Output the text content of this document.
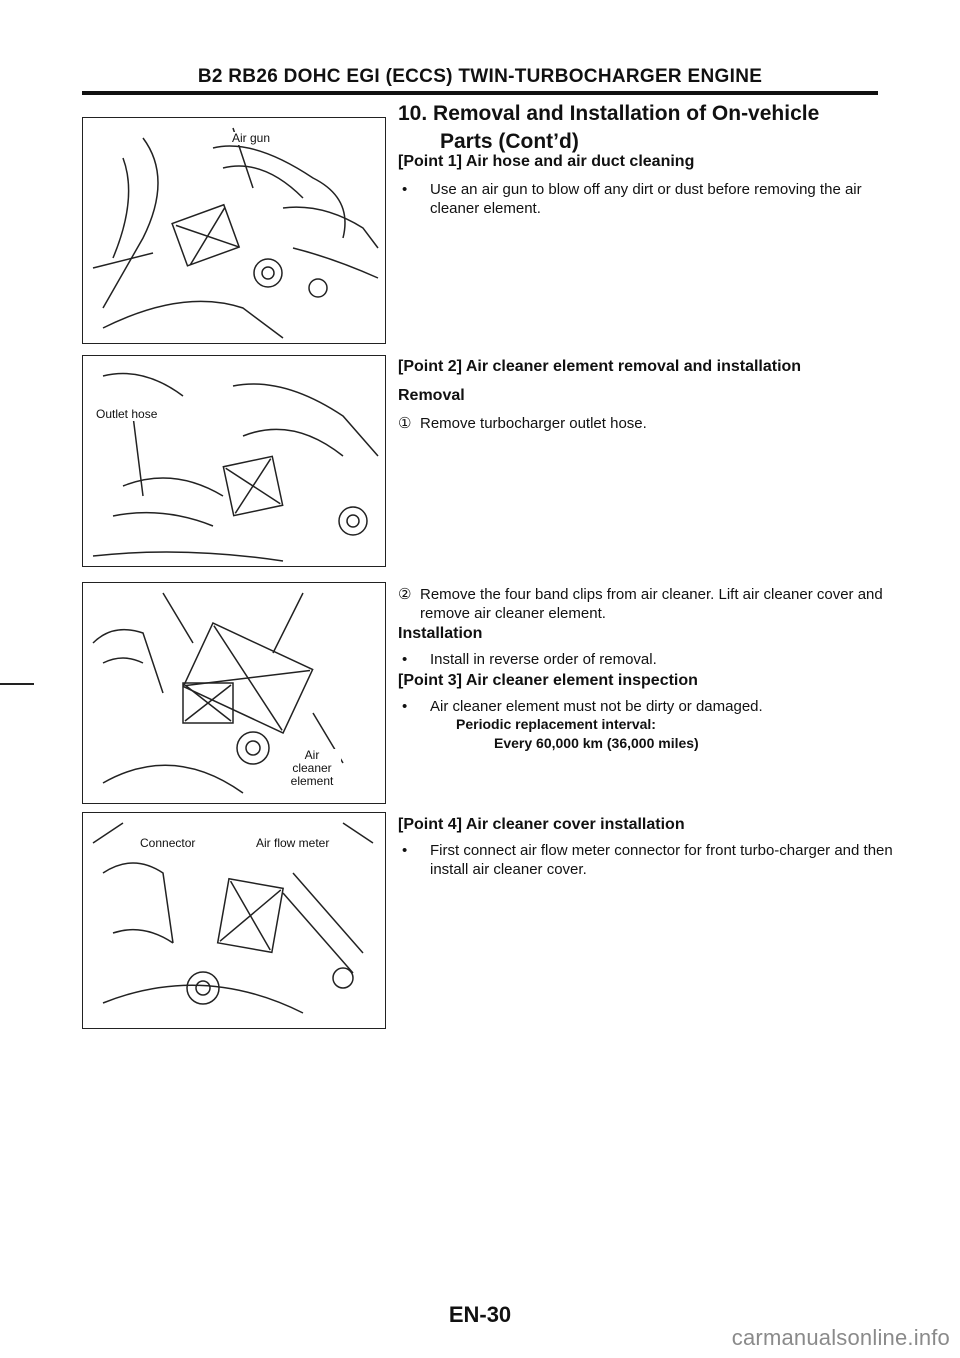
B2 RB26 DOHC EGI (ECCS) TWIN-TURBOCHARGER ENGINE
10. Removal and Installation of On-vehicle
Parts (Cont’d)
Air gun
Outlet hose
Air cleaner element
Connector	Air flow meter
[Point 1] Air hose and air duct cleaning
• Use an air gun to blow off any dirt or dust before removing the air cleaner element.
[Point 2] Air cleaner element removal and installation
Removal
① Remove turbocharger outlet hose.
② Remove the four band clips from air cleaner. Lift air cleaner cover and remove air cleaner element.
Installation
• Install in reverse order of removal.
[Point 3] Air cleaner element inspection
• Air cleaner element must not be dirty or damaged.
Periodic replacement interval:
Every 60,000 km (36,000 miles)
[Point 4] Air cleaner cover installation
• First connect air flow meter connector for front turbo-charger and then install air cleaner cover.
EN-30
carmanualsonline.info
